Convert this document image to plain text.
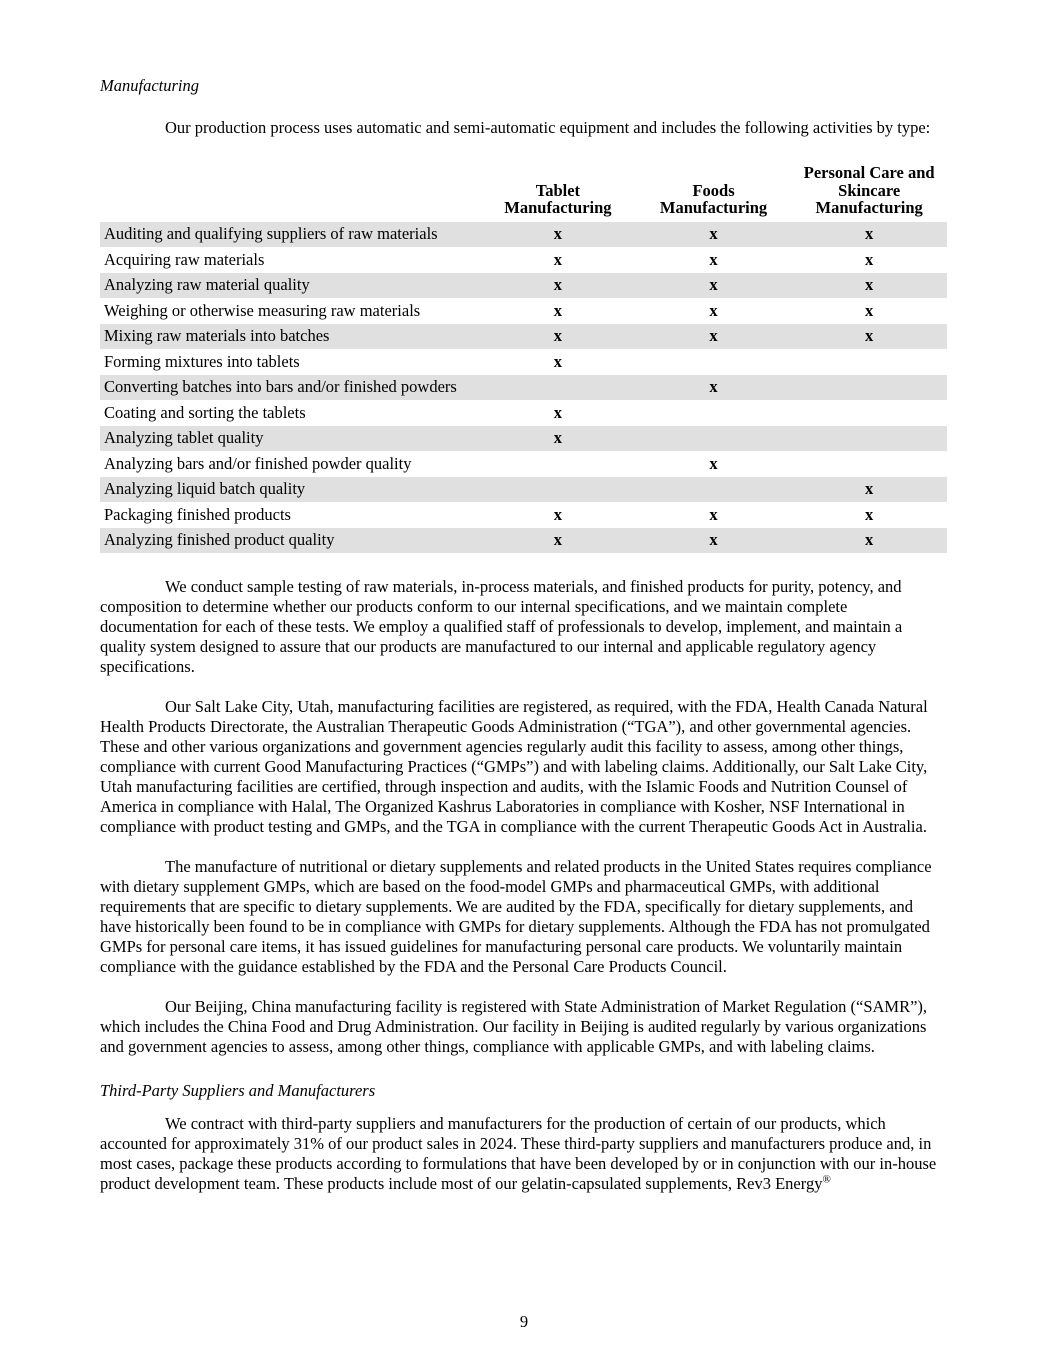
Manufacturing

Our production process uses automatic and semi-automatic equipment and includes the following activities by type:

	Tablet Manufacturing	Foods Manufacturing	Personal Care and Skincare Manufacturing
Auditing and qualifying suppliers of raw materials	x	x	x
Acquiring raw materials	x	x	x
Analyzing raw material quality	x	x	x
Weighing or otherwise measuring raw materials	x	x	x
Mixing raw materials into batches	x	x	x
Forming mixtures into tablets	x		
Converting batches into bars and/or finished powders		x	
Coating and sorting the tablets	x		
Analyzing tablet quality	x		
Analyzing bars and/or finished powder quality		x	
Analyzing liquid batch quality			x
Packaging finished products	x	x	x
Analyzing finished product quality	x	x	x

We conduct sample testing of raw materials, in-process materials, and finished products for purity, potency, and composition to determine whether our products conform to our internal specifications, and we maintain complete documentation for each of these tests. We employ a qualified staff of professionals to develop, implement, and maintain a quality system designed to assure that our products are manufactured to our internal and applicable regulatory agency specifications.

Our Salt Lake City, Utah, manufacturing facilities are registered, as required, with the FDA, Health Canada Natural Health Products Directorate, the Australian Therapeutic Goods Administration (“TGA”), and other governmental agencies. These and other various organizations and government agencies regularly audit this facility to assess, among other things, compliance with current Good Manufacturing Practices (“GMPs”) and with labeling claims. Additionally, our Salt Lake City, Utah manufacturing facilities are certified, through inspection and audits, with the Islamic Foods and Nutrition Counsel of America in compliance with Halal, The Organized Kashrus Laboratories in compliance with Kosher, NSF International in compliance with product testing and GMPs, and the TGA in compliance with the current Therapeutic Goods Act in Australia.

The manufacture of nutritional or dietary supplements and related products in the United States requires compliance with dietary supplement GMPs, which are based on the food-model GMPs and pharmaceutical GMPs, with additional requirements that are specific to dietary supplements. We are audited by the FDA, specifically for dietary supplements, and have historically been found to be in compliance with GMPs for dietary supplements. Although the FDA has not promulgated GMPs for personal care items, it has issued guidelines for manufacturing personal care products. We voluntarily maintain compliance with the guidance established by the FDA and the Personal Care Products Council.

Our Beijing, China manufacturing facility is registered with State Administration of Market Regulation (“SAMR”), which includes the China Food and Drug Administration. Our facility in Beijing is audited regularly by various organizations and government agencies to assess, among other things, compliance with applicable GMPs, and with labeling claims.

Third-Party Suppliers and Manufacturers

We contract with third-party suppliers and manufacturers for the production of certain of our products, which accounted for approximately 31% of our product sales in 2024. These third-party suppliers and manufacturers produce and, in most cases, package these products according to formulations that have been developed by or in conjunction with our in-house product development team. These products include most of our gelatin-capsulated supplements, Rev3 Energy®

9
